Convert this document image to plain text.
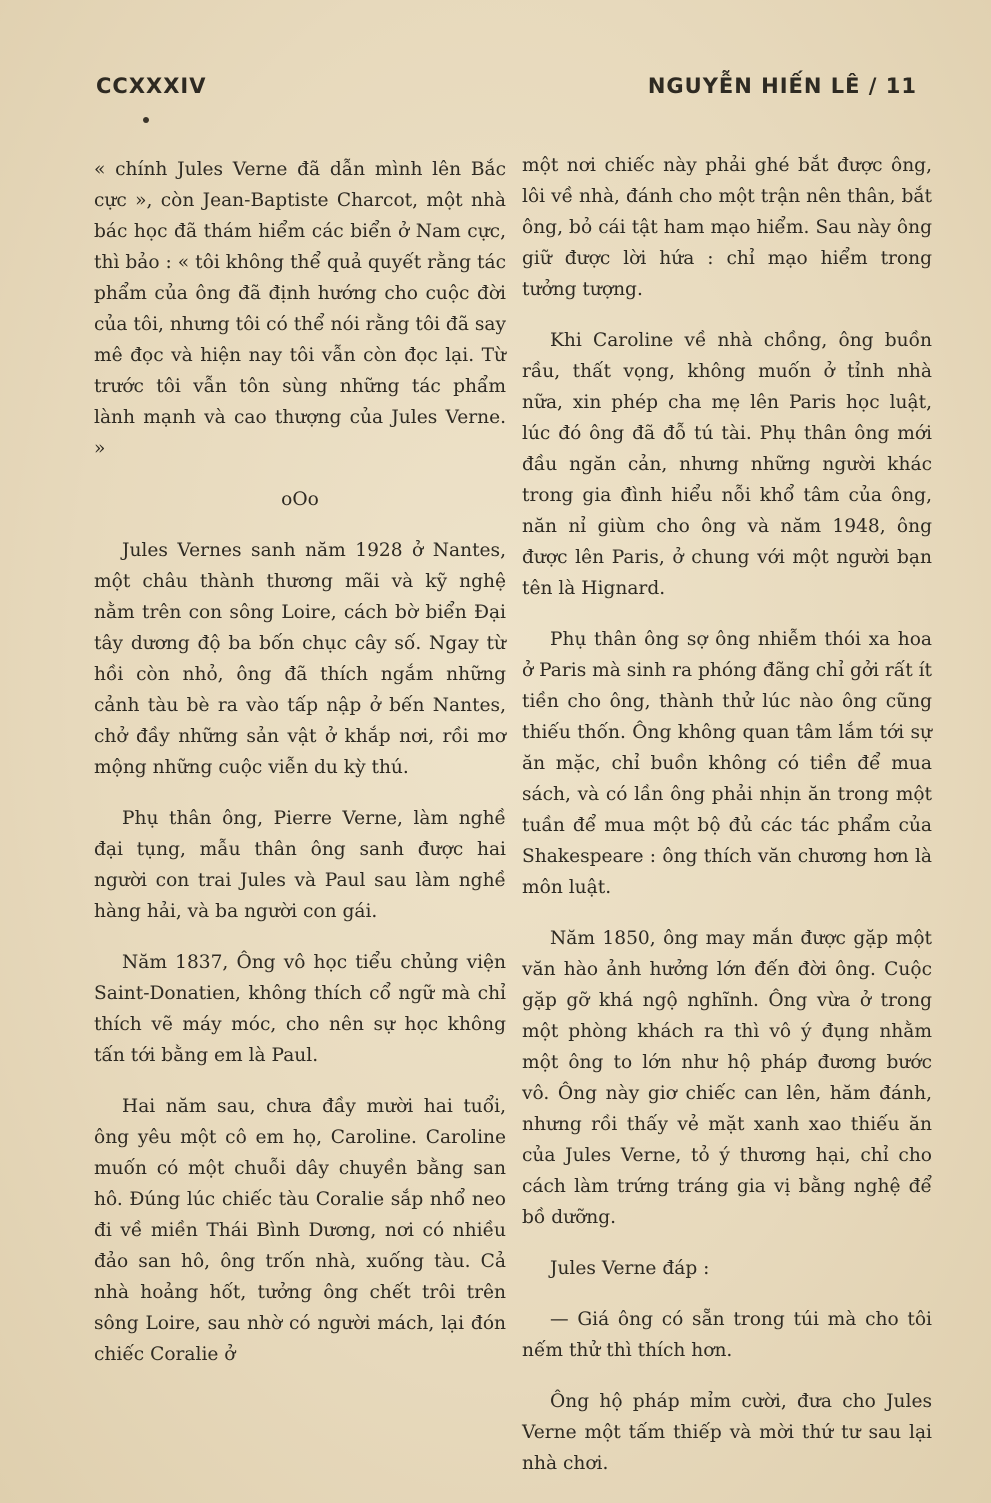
CCXXXIV	NGUYỄN HIẾN LÊ / 11

« chính Jules Verne đã dẫn mình lên Bắc cực », còn Jean-Baptiste Charcot, một nhà bác học đã thám hiểm các biển ở Nam cực, thì bảo : « tôi không thể quả quyết rằng tác phẩm của ông đã định hướng cho cuộc đời của tôi, nhưng tôi có thể nói rằng tôi đã say mê đọc và hiện nay tôi vẫn còn đọc lại. Từ trước tôi vẫn tôn sùng những tác phẩm lành mạnh và cao thượng của Jules Verne. »

oOo

Jules Vernes sanh năm 1928 ở Nantes, một châu thành thương mãi và kỹ nghệ nằm trên con sông Loire, cách bờ biển Đại tây dương độ ba bốn chục cây số. Ngay từ hồi còn nhỏ, ông đã thích ngắm những cảnh tàu bè ra vào tấp nập ở bến Nantes, chở đầy những sản vật ở khắp nơi, rồi mơ mộng những cuộc viễn du kỳ thú.

Phụ thân ông, Pierre Verne, làm nghề đại tụng, mẫu thân ông sanh được hai người con trai Jules và Paul sau làm nghề hàng hải, và ba người con gái.

Năm 1837, Ông vô học tiểu chủng viện Saint-Donatien, không thích cổ ngữ mà chỉ thích vẽ máy móc, cho nên sự học không tấn tới bằng em là Paul.

Hai năm sau, chưa đầy mười hai tuổi, ông yêu một cô em họ, Caroline. Caroline muốn có một chuỗi dây chuyền bằng san hô. Đúng lúc chiếc tàu Coralie sắp nhổ neo đi về miền Thái Bình Dương, nơi có nhiều đảo san hô, ông trốn nhà, xuống tàu. Cả nhà hoảng hốt, tưởng ông chết trôi trên sông Loire, sau nhờ có người mách, lại đón chiếc Coralie ở

một nơi chiếc này phải ghé bắt được ông, lôi về nhà, đánh cho một trận nên thân, bắt ông, bỏ cái tật ham mạo hiểm. Sau này ông giữ được lời hứa : chỉ mạo hiểm trong tưởng tượng.

Khi Caroline về nhà chồng, ông buồn rầu, thất vọng, không muốn ở tỉnh nhà nữa, xin phép cha mẹ lên Paris học luật, lúc đó ông đã đỗ tú tài. Phụ thân ông mới đầu ngăn cản, nhưng những người khác trong gia đình hiểu nỗi khổ tâm của ông, năn nỉ giùm cho ông và năm 1948, ông được lên Paris, ở chung với một người bạn tên là Hignard.

Phụ thân ông sợ ông nhiễm thói xa hoa ở Paris mà sinh ra phóng đãng chỉ gởi rất ít tiền cho ông, thành thử lúc nào ông cũng thiếu thốn. Ông không quan tâm lắm tới sự ăn mặc, chỉ buồn không có tiền để mua sách, và có lần ông phải nhịn ăn trong một tuần để mua một bộ đủ các tác phẩm của Shakespeare : ông thích văn chương hơn là môn luật.

Năm 1850, ông may mắn được gặp một văn hào ảnh hưởng lớn đến đời ông. Cuộc gặp gỡ khá ngộ nghĩnh. Ông vừa ở trong một phòng khách ra thì vô ý đụng nhằm một ông to lớn như hộ pháp đương bước vô. Ông này giơ chiếc can lên, hăm đánh, nhưng rồi thấy vẻ mặt xanh xao thiếu ăn của Jules Verne, tỏ ý thương hại, chỉ cho cách làm trứng tráng gia vị bằng nghệ để bồ dưỡng.

Jules Verne đáp :

— Giá ông có sẵn trong túi mà cho tôi nếm thử thì thích hơn.

Ông hộ pháp mỉm cười, đưa cho Jules Verne một tấm thiếp và mời thứ tư sau lại nhà chơi.
